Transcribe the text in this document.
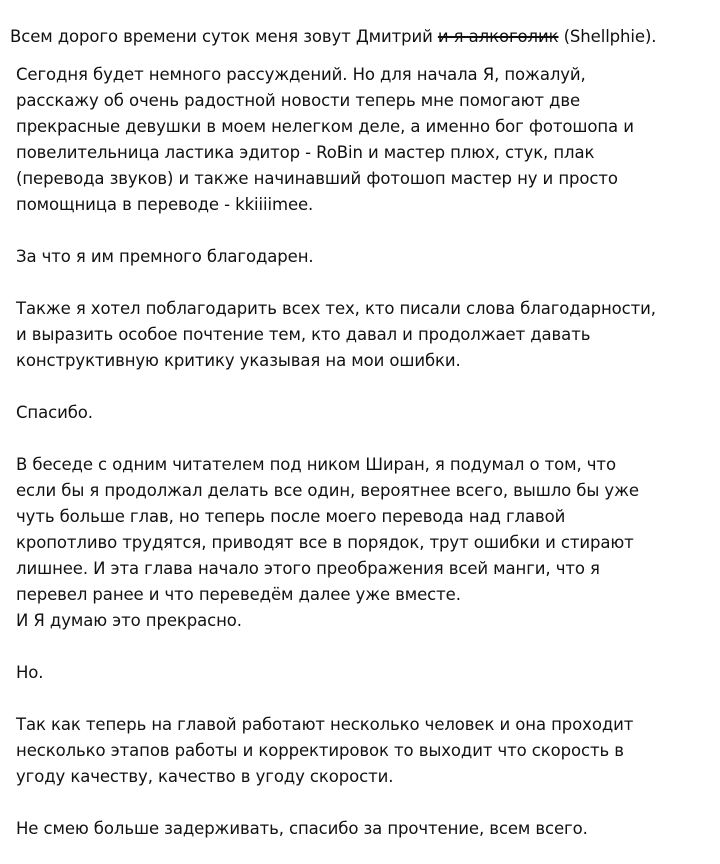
Всем дорого времени суток меня зовут Дмитрий и я алкоголик (Shellphie).
Сегодня будет немного рассуждений. Но для начала Я, пожалуй,
расскажу об очень радостной новости теперь мне помогают две
прекрасные девушки в моем нелегком деле, а именно бог фотошопа и
повелительница ластика эдитор - RoBin и мастер плюх, стук, плак
(перевода звуков) и также начинавший фотошоп мастер ну и просто
помощница в переводе - kkiiiimee.
За что я им премного благодарен.
Также я хотел поблагодарить всех тех, кто писали слова благодарности,
и выразить особое почтение тем, кто давал и продолжает давать
конструктивную критику указывая на мои ошибки.
Спасибо.
В беседе с одним читателем под ником Ширан, я подумал о том, что
если бы я продолжал делать все один, вероятнее всего, вышло бы уже
чуть больше глав, но теперь после моего перевода над главой
кропотливо трудятся, приводят все в порядок, трут ошибки и стирают
лишнее. И эта глава начало этого преображения всей манги, что я
перевел ранее и что переведём далее уже вместе.
И Я думаю это прекрасно.
Но.
Так как теперь на главой работают несколько человек и она проходит
несколько этапов работы и корректировок то выходит что скорость в
угоду качеству, качество в угоду скорости.
Не смею больше задерживать, спасибо за прочтение, всем всего.
